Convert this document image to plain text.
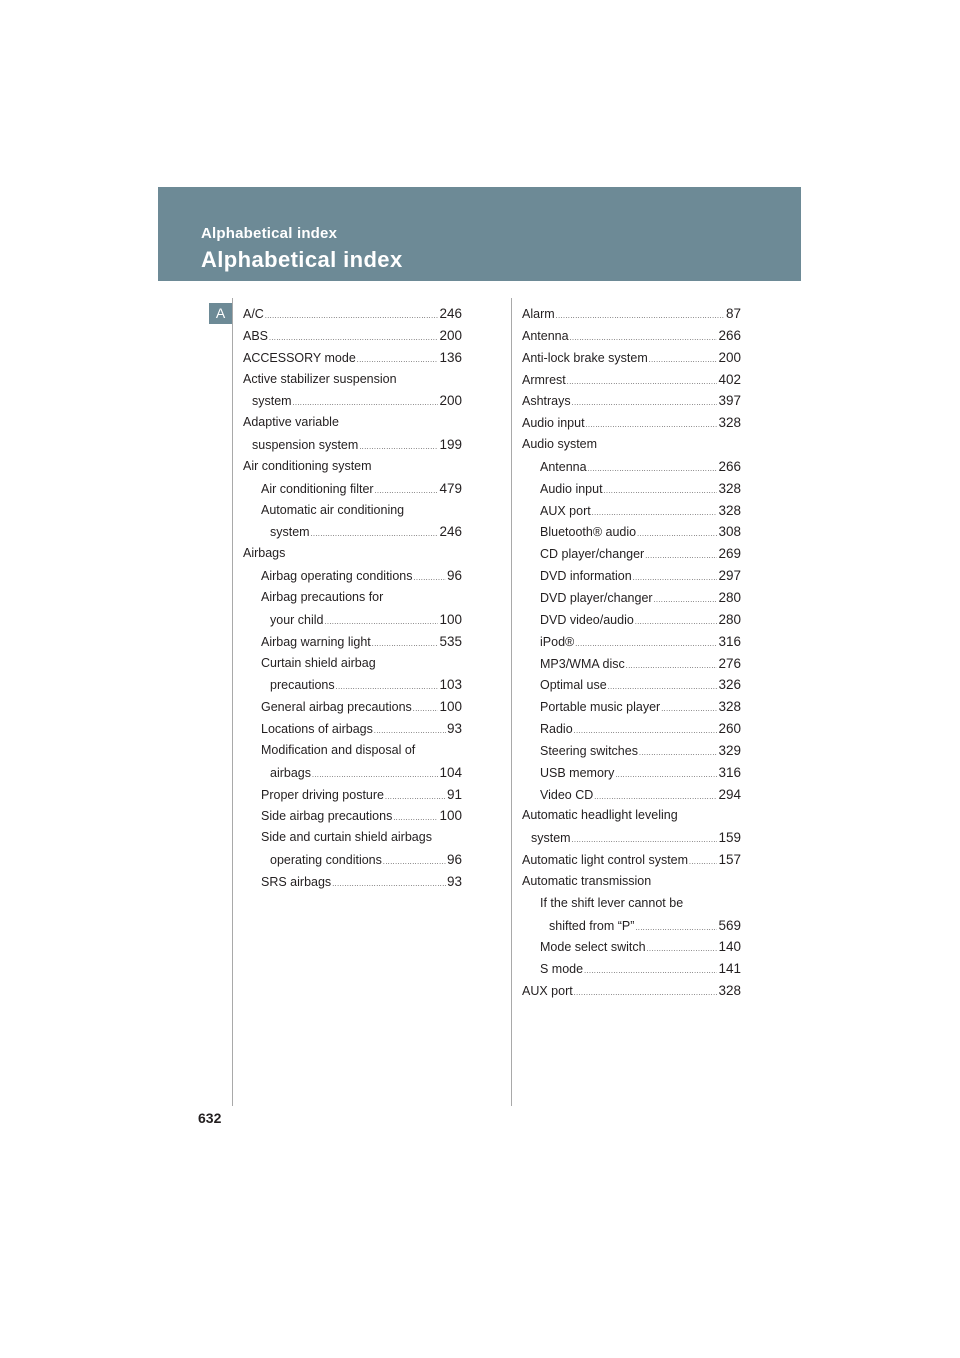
Alphabetical index
Alphabetical index
A	A/C .....	246
ABS .....	200
ACCESSORY mode .....	136
Active stabilizer suspension
system .....	200
Adaptive variable
suspension system .....	199
Air conditioning system
Air conditioning filter .....	479
Automatic air conditioning
system .....	246
Airbags
Airbag operating conditions .....	96
Airbag precautions for
your child .....	100
Airbag warning light .....	535
Curtain shield airbag
precautions .....	103
General airbag precautions ..... 100
Locations of airbags .....	93
Modification and disposal of
airbags .....	104
Proper driving posture .....	91
Side airbag precautions .....	100
Side and curtain shield airbags
operating conditions .....	96
SRS airbags .....	93
Alarm .....	87
Antenna .....	266
Anti-lock brake system .....	200
Armrest .....	402
Ashtrays .....	397
Audio input .....	328
Audio system
Antenna .....	266
Audio input .....	328
AUX port .....	328
Bluetooth® audio .....	308
CD player/changer .....	269
DVD information .....	297
DVD player/changer .....	280
DVD video/audio .....	280
iPod® .....	316
MP3/WMA disc .....	276
Optimal use .....	326
Portable music player .....	328
Radio .....	260
Steering switches .....	329
USB memory .....	316
Video CD .....	294
Automatic headlight leveling
system .....	159
Automatic light control system ..... 157
Automatic transmission
If the shift lever cannot be
shifted from “P” .....	569
Mode select switch .....	140
S mode .....	141
AUX port .....	328
632
